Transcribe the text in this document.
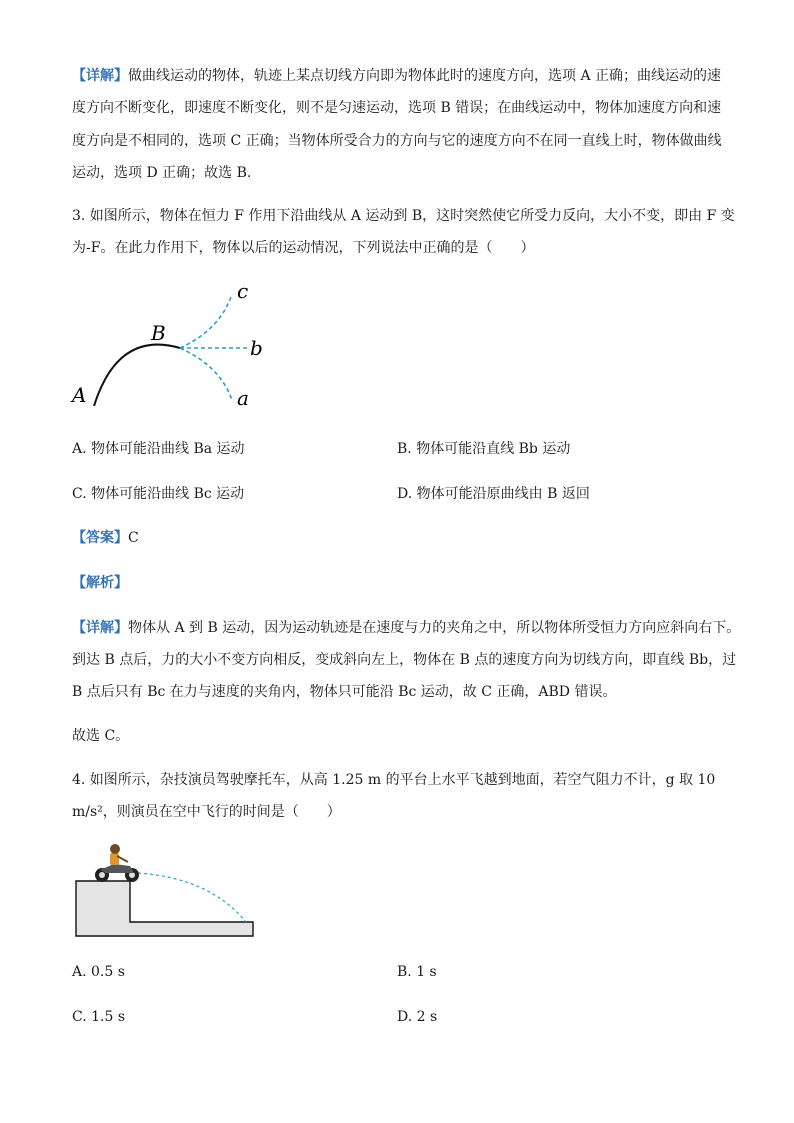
【详解】做曲线运动的物体，轨迹上某点切线方向即为物体此时的速度方向，选项 A 正确；曲线运动的速
度方向不断变化，即速度不断变化，则不是匀速运动，选项 B 错误；在曲线运动中，物体加速度方向和速
度方向是不相同的，选项 C 正确；当物体所受合力的方向与它的速度方向不在同一直线上时，物体做曲线
运动，选项 D 正确；故选 B.
3. 如图所示，物体在恒力 F 作用下沿曲线从 A 运动到 B，这时突然使它所受力反向，大小不变，即由 F 变
为-F。在此力作用下，物体以后的运动情况，下列说法中正确的是（　　）
A
B
c
b
a
A. 物体可能沿曲线 Ba 运动	B. 物体可能沿直线 Bb 运动
C. 物体可能沿曲线 Bc 运动	D. 物体可能沿原曲线由 B 返回
【答案】C
【解析】
【详解】物体从 A 到 B 运动，因为运动轨迹是在速度与力的夹角之中，所以物体所受恒力方向应斜向右下。
到达 B 点后，力的大小不变方向相反，变成斜向左上，物体在 B 点的速度方向为切线方向，即直线 Bb，过
B 点后只有 Bc 在力与速度的夹角内，物体只可能沿 Bc 运动，故 C 正确，ABD 错误。
故选 C。
4. 如图所示，杂技演员驾驶摩托车，从高 1.25 m 的平台上水平飞越到地面，若空气阻力不计，g 取 10
m/s²，则演员在空中飞行的时间是（　　）
A. 0.5 s	B. 1 s
C. 1.5 s	D. 2 s
